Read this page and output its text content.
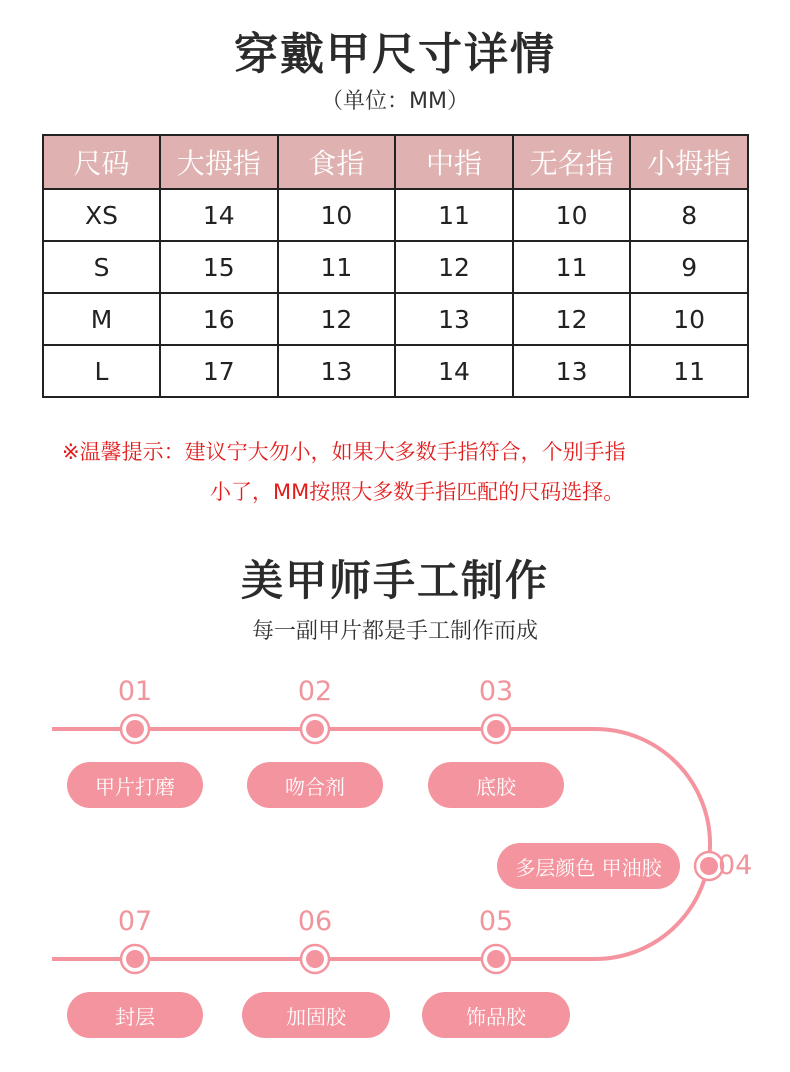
穿戴甲尺寸详情
（单位：MM）
尺码	大拇指	食指	中指	无名指	小拇指
XS	14	10	11	10	8
S	15	11	12	11	9
M	16	12	13	12	10
L	17	13	14	13	11
※温馨提示：建议宁大勿小，如果大多数手指符合，个别手指
小了，MM按照大多数手指匹配的尺码选择。
美甲师手工制作
每一副甲片都是手工制作而成
01	02	03
04
05
06
07
甲片打磨	吻合剂	底胶
多层颜色 甲油胶
饰品胶
加固胶
封层
